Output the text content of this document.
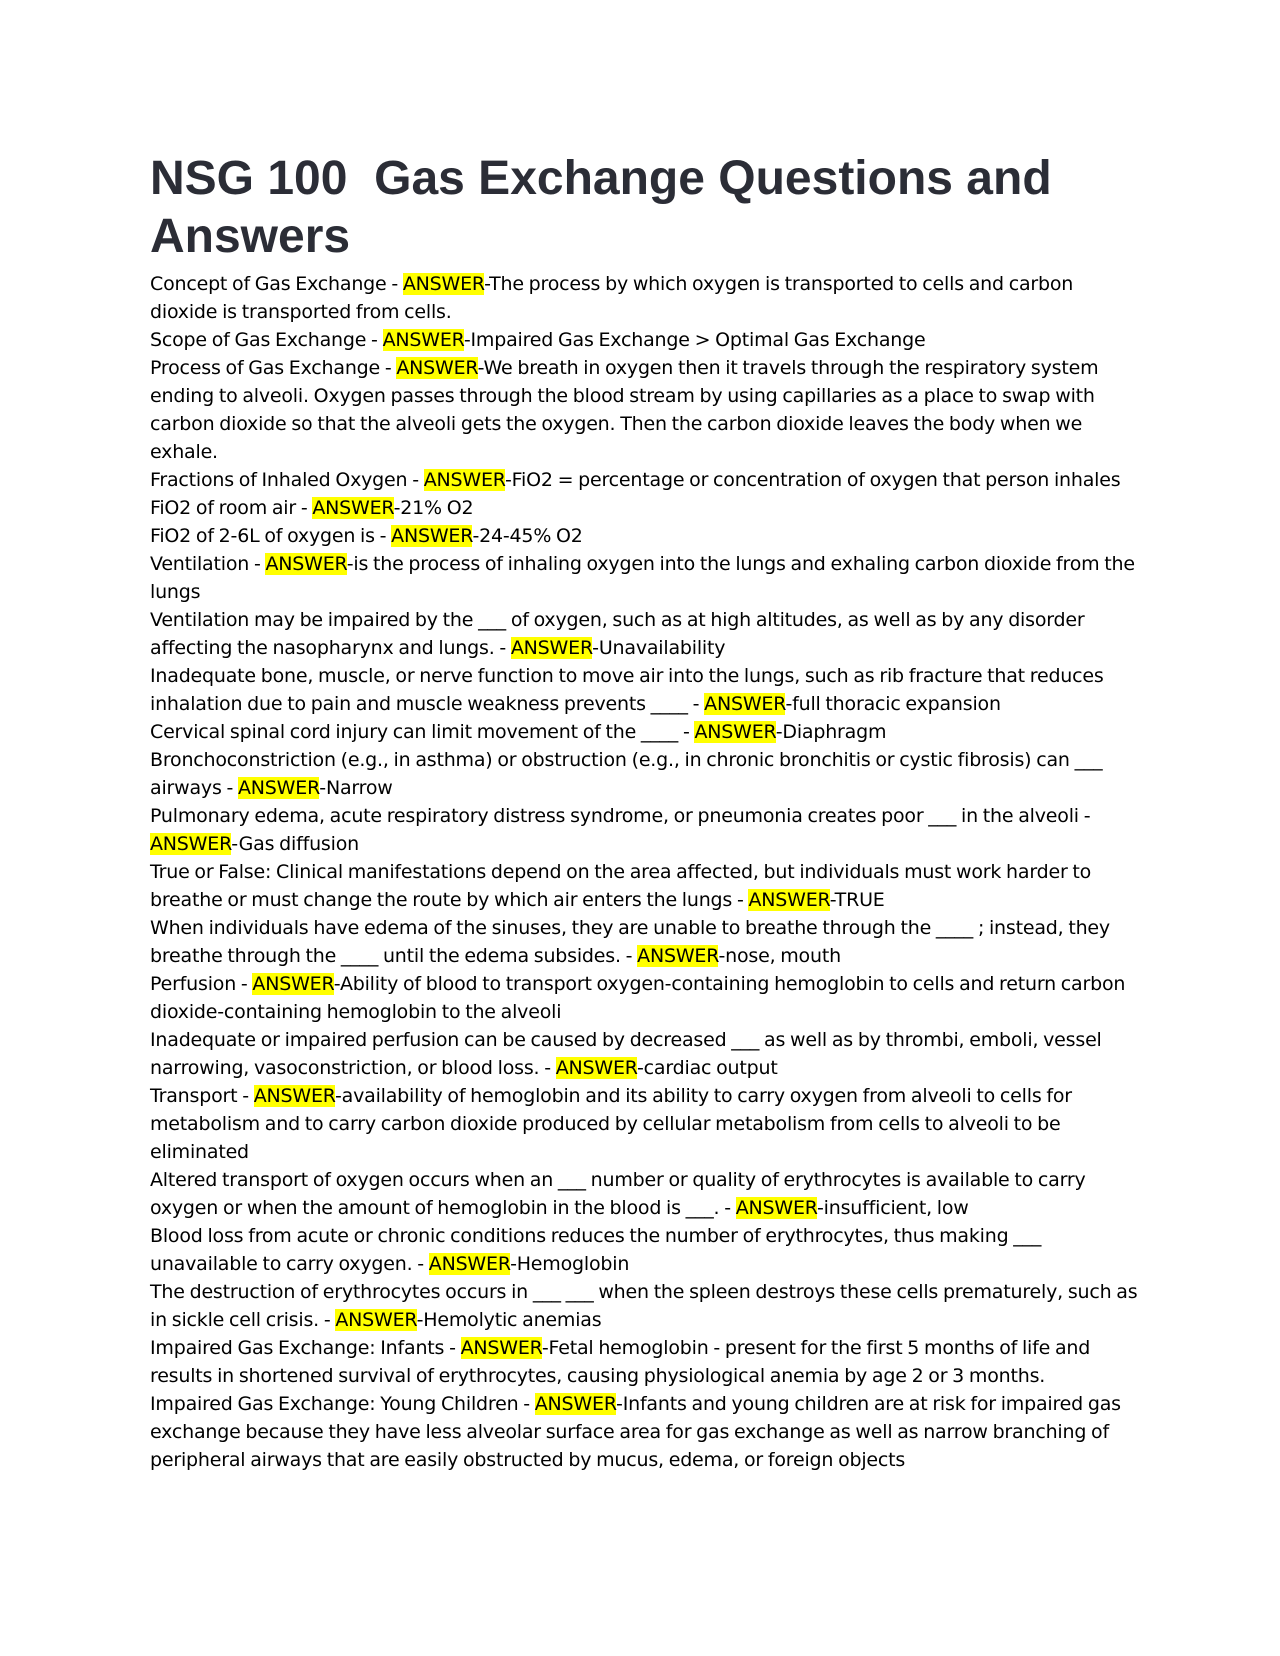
NSG 100  Gas Exchange Questions and Answers

Concept of Gas Exchange - ANSWER-The process by which oxygen is transported to cells and carbon dioxide is transported from cells.

Scope of Gas Exchange - ANSWER-Impaired Gas Exchange > Optimal Gas Exchange

Process of Gas Exchange - ANSWER-We breath in oxygen then it travels through the respiratory system ending to alveoli. Oxygen passes through the blood stream by using capillaries as a place to swap with carbon dioxide so that the alveoli gets the oxygen. Then the carbon dioxide leaves the body when we exhale.

Fractions of Inhaled Oxygen - ANSWER-FiO2 = percentage or concentration of oxygen that person inhales

FiO2 of room air - ANSWER-21% O2

FiO2 of 2-6L of oxygen is - ANSWER-24-45% O2

Ventilation - ANSWER-is the process of inhaling oxygen into the lungs and exhaling carbon dioxide from the lungs

Ventilation may be impaired by the ___ of oxygen, such as at high altitudes, as well as by any disorder affecting the nasopharynx and lungs. - ANSWER-Unavailability

Inadequate bone, muscle, or nerve function to move air into the lungs, such as rib fracture that reduces inhalation due to pain and muscle weakness prevents ____ - ANSWER-full thoracic expansion

Cervical spinal cord injury can limit movement of the ____ - ANSWER-Diaphragm

Bronchoconstriction (e.g., in asthma) or obstruction (e.g., in chronic bronchitis or cystic fibrosis) can ___ airways - ANSWER-Narrow

Pulmonary edema, acute respiratory distress syndrome, or pneumonia creates poor ___ in the alveoli - ANSWER-Gas diffusion

True or False: Clinical manifestations depend on the area affected, but individuals must work harder to breathe or must change the route by which air enters the lungs - ANSWER-TRUE

When individuals have edema of the sinuses, they are unable to breathe through the ____ ; instead, they breathe through the ____ until the edema subsides. - ANSWER-nose, mouth

Perfusion - ANSWER-Ability of blood to transport oxygen-containing hemoglobin to cells and return carbon dioxide-containing hemoglobin to the alveoli

Inadequate or impaired perfusion can be caused by decreased ___ as well as by thrombi, emboli, vessel narrowing, vasoconstriction, or blood loss. - ANSWER-cardiac output

Transport - ANSWER-availability of hemoglobin and its ability to carry oxygen from alveoli to cells for metabolism and to carry carbon dioxide produced by cellular metabolism from cells to alveoli to be eliminated

Altered transport of oxygen occurs when an ___ number or quality of erythrocytes is available to carry oxygen or when the amount of hemoglobin in the blood is ___. - ANSWER-insufficient, low

Blood loss from acute or chronic conditions reduces the number of erythrocytes, thus making ___ unavailable to carry oxygen. - ANSWER-Hemoglobin

The destruction of erythrocytes occurs in ___ ___ when the spleen destroys these cells prematurely, such as in sickle cell crisis. - ANSWER-Hemolytic anemias

Impaired Gas Exchange: Infants - ANSWER-Fetal hemoglobin - present for the first 5 months of life and results in shortened survival of erythrocytes, causing physiological anemia by age 2 or 3 months.

Impaired Gas Exchange: Young Children - ANSWER-Infants and young children are at risk for impaired gas exchange because they have less alveolar surface area for gas exchange as well as narrow branching of peripheral airways that are easily obstructed by mucus, edema, or foreign objects
